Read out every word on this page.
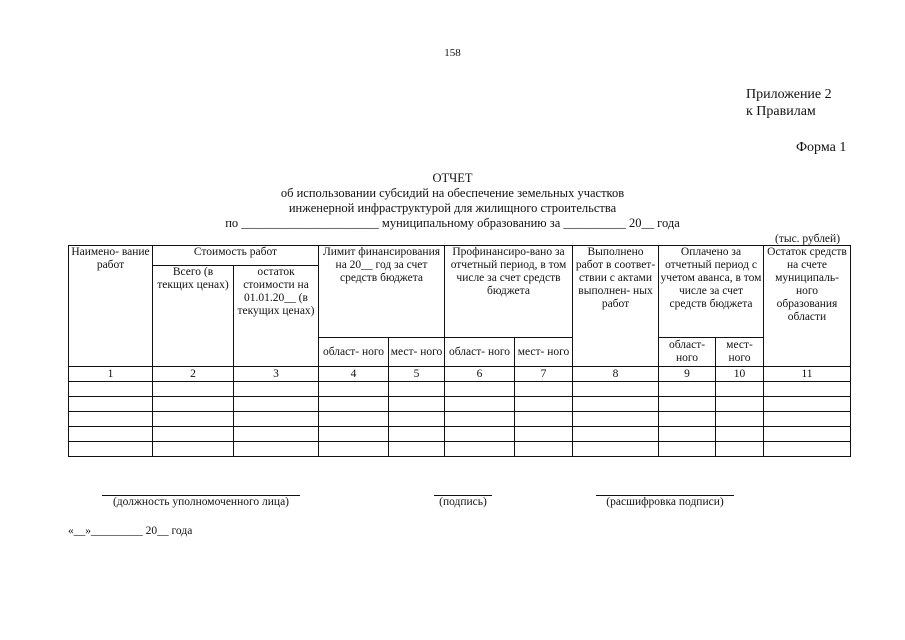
158
Приложение 2
к Правилам
Форма 1
ОТЧЕТ
об использовании субсидий на обеспечение земельных участков
инженерной инфраструктурой для жилищного строительства
по ______________________ муниципальному образованию за __________ 20__ года
(тыс. рублей)
Наимено- вание работ	Стоимость работ		Лимит финансирования на 20__ год за счет средств бюджета		Профинансиро-вано за отчетный период, в том числе за счет средств бюджета		Выполнено работ в соответ- ствии с актами выполнен- ных работ	Оплачено за отчетный период с учетом аванса, в том числе за счет средств бюджета		Остаток средств на счете муниципаль- ного образования области
	Всего (в текщих ценах)	остаток стоимости на 01.01.20__ (в текущих ценах)								
			област- ного	мест- ного	област- ного	мест- ного		област- ного	мест- ного	
1	2	3	4	5	6	7	8	9	10	11

(должность уполномоченного лица)	(подпись)	(расшифровка подписи)
«__»_________ 20__ года
